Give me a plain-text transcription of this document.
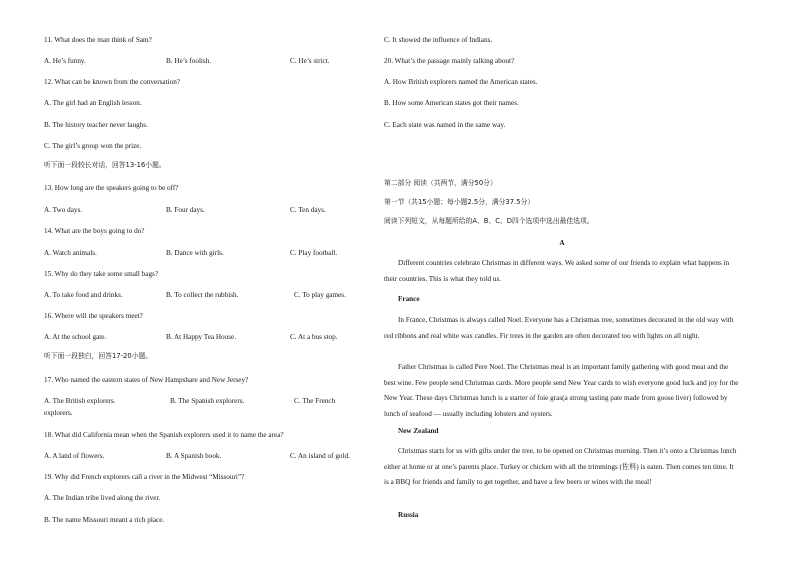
11. What does the man think of Sam?
A. He’s funny.	B. He’s foolish.	C. He’s strict.
12. What can be known from the conversation?
A. The girl had an English lesson.
B. The history teacher never laughs.
C. The girl’s group won the prize.
听下面一段较长对话，回答13-16小题。
13. How long are the speakers going to be off?
A. Two days.	B. Four days.	C. Ten days.
14. What are the boys going to do?
A. Watch animals.	B. Dance with girls.	C. Play football.
15. Why do they take some small bags?
A. To take food and drinks.	B. To collect the rubbish.	C. To play games.
16. Where will the speakers meet?
A. At the school gate.	B. At Happy Tea House.	C. At a bus stop.
听下面一段独白，回答17-20小题。
17. Who named the eastern states of New Hampshare and New Jersey?
A. The British explorers.	B. The Spanish explorers.	C. The French
explorers.
18. What did California mean when the Spanish explorers used it to name the area?
A. A land of flowers.	B. A Spanish book.	C. An island of gold.
19. Why did French explorers call a river in the Midwest “Missouri”?
A. The Indian tribe lived along the river.
B. The name Missouri meant a rich place.
C. It showed the influence of Indians.
20. What’s the passage mainly talking about?
A. How British explorers named the American states.
B. How some American states got their names.
C. Each state was named in the same way.
第二部分 阅读（共两节，满分50分）
第一节（共15小题；每小题2.5分，满分37.5分）
阅读下列短文，从每题所给的A、B、C、D四个选项中选出最佳选项。
A
Different countries celebrate Christmas in different ways. We asked some of our friends to explain what happens in their countries. This is what they told us.
France
In France, Christmas is always called Noel. Everyone has a Christmas tree, sometimes decorated in the old way with red ribbons and real white wax candles. Fir trees in the garden are often decorated too with lights on all night.
Father Christmas is called Pere Noel. The Christmas meal is an important family gathering with good meat and the best wine. Few people send Christmas cards. More people send New Year cards to wish everyone good luck and joy for the New Year. These days Christmas lunch is a starter of foie gras(a strong tasting pate made from goose liver) followed by lunch of seafood — usually including lobsters and oysters.
New Zealand
Christmas starts for us with gifts under the tree, to be opened on Christmas morning. Then it’s onto a Christmas lunch either at home or at one’s parents place. Turkey or chicken with all the trimmings (佐料) is eaten. Then comes ten time. It is a BBQ for friends and family to get together, and have a few beers or wines with the meal!
Russia
